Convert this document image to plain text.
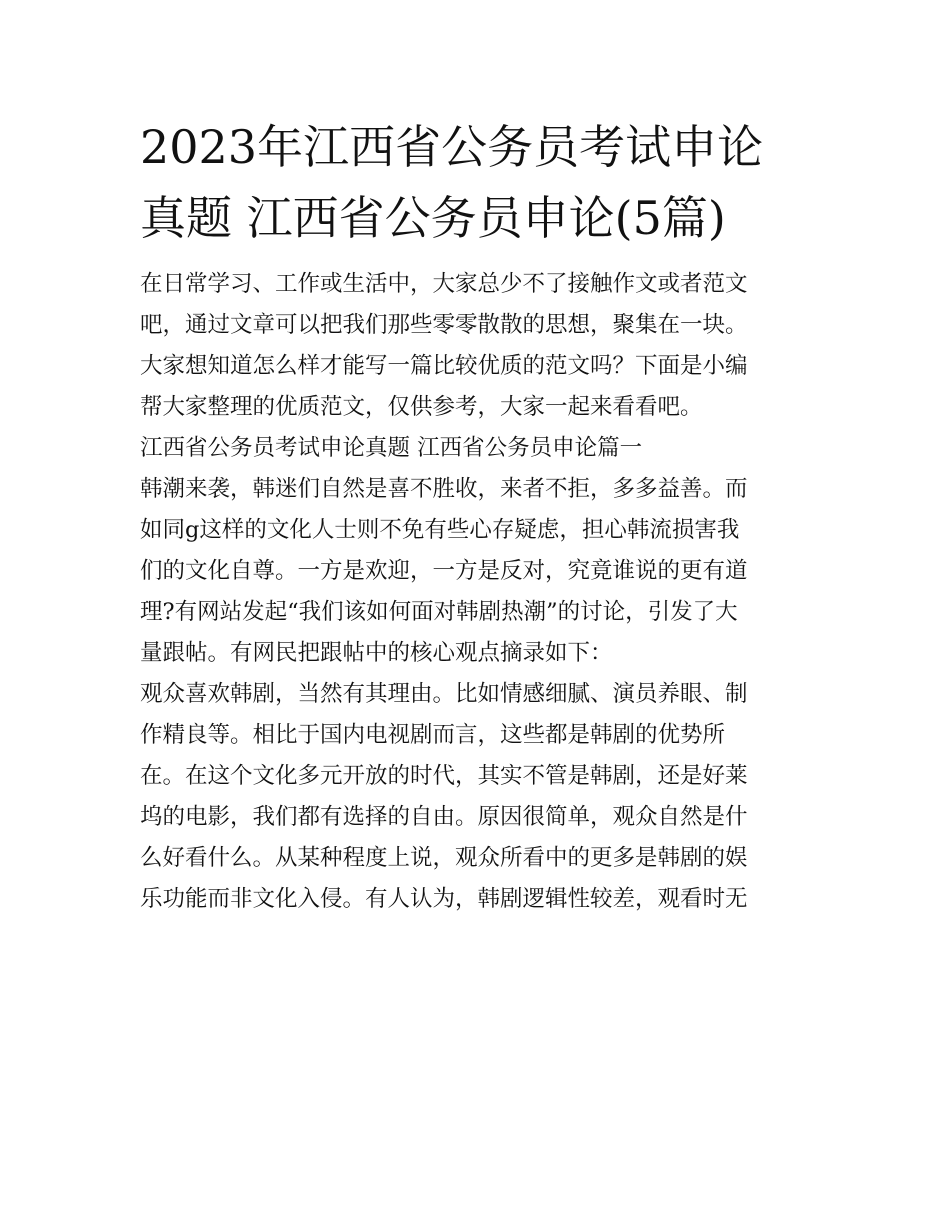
2023年江西省公务员考试申论
真题 江西省公务员申论(5篇)

在日常学习、工作或生活中，大家总少不了接触作文或者范文
吧，通过文章可以把我们那些零零散散的思想，聚集在一块。
大家想知道怎么样才能写一篇比较优质的范文吗？下面是小编
帮大家整理的优质范文，仅供参考，大家一起来看看吧。

江西省公务员考试申论真题 江西省公务员申论篇一

韩潮来袭，韩迷们自然是喜不胜收，来者不拒，多多益善。而
如同g这样的文化人士则不免有些心存疑虑，担心韩流损害我
们的文化自尊。一方是欢迎，一方是反对，究竟谁说的更有道
理?有网站发起“我们该如何面对韩剧热潮”的讨论，引发了大
量跟帖。有网民把跟帖中的核心观点摘录如下：

观众喜欢韩剧，当然有其理由。比如情感细腻、演员养眼、制
作精良等。相比于国内电视剧而言，这些都是韩剧的优势所
在。在这个文化多元开放的时代，其实不管是韩剧，还是好莱
坞的电影，我们都有选择的自由。原因很简单，观众自然是什
么好看什么。从某种程度上说，观众所看中的更多是韩剧的娱
乐功能而非文化入侵。有人认为，韩剧逻辑性较差，观看时无
